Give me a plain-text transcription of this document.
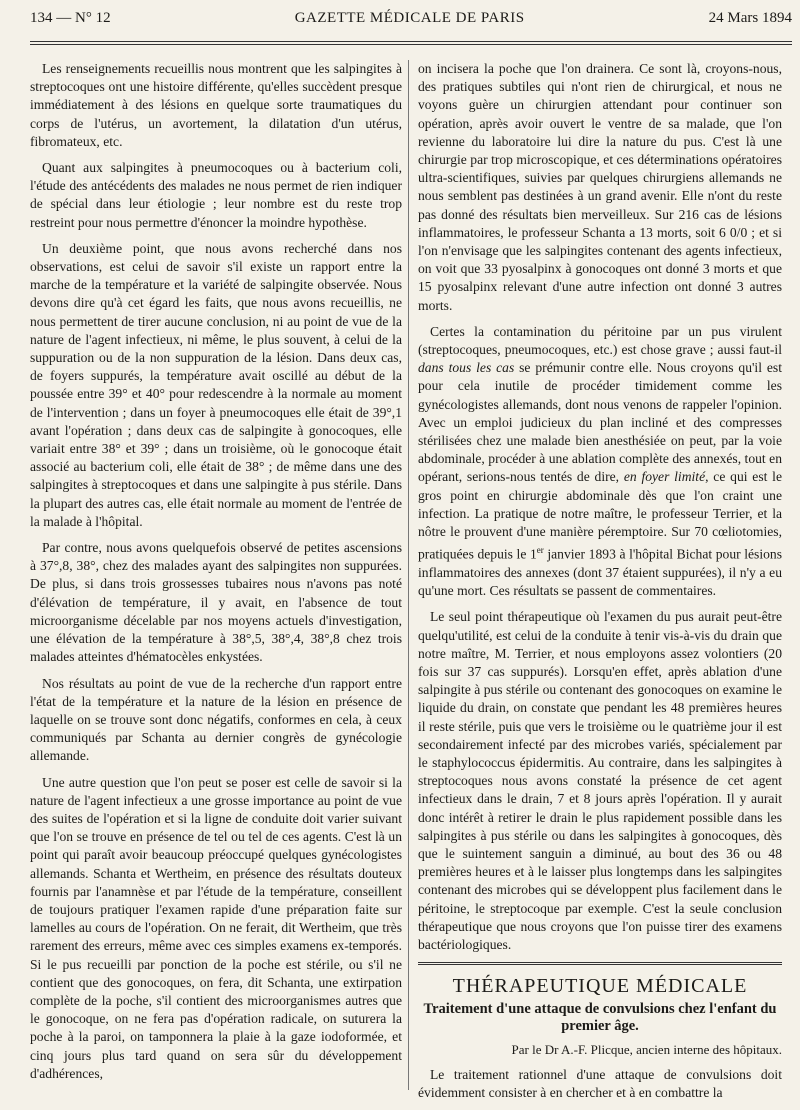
134 — N° 12	GAZETTE MÉDICALE DE PARIS	24 Mars 1894

Les renseignements recueillis nous montrent que les salpingites à streptocoques ont une histoire différente, qu'elles succèdent presque immédiatement à des lésions en quelque sorte traumatiques du corps de l'utérus, un avortement, la dilatation d'un utérus, fibromateux, etc.

Quant aux salpingites à pneumocoques ou à bacterium coli, l'étude des antécédents des malades ne nous permet de rien indiquer de spécial dans leur étiologie ; leur nombre est du reste trop restreint pour nous permettre d'énoncer la moindre hypothèse.

Un deuxième point, que nous avons recherché dans nos observations, est celui de savoir s'il existe un rapport entre la marche de la température et la variété de salpingite observée. Nous devons dire qu'à cet égard les faits, que nous avons recueillis, ne nous permettent de tirer aucune conclusion, ni au point de vue de la nature de l'agent infectieux, ni même, le plus souvent, à celui de la suppuration ou de la non suppuration de la lésion. Dans deux cas, de foyers suppurés, la température avait oscillé au début de la poussée entre 39° et 40° pour redescendre à la normale au moment de l'intervention ; dans un foyer à pneumocoques elle était de 39°,1 avant l'opération ; dans deux cas de salpingite à gonocoques, elle variait entre 38° et 39° ; dans un troisième, où le gonocoque était associé au bacterium coli, elle était de 38° ; de même dans une des salpingites à streptocoques et dans une salpingite à pus stérile. Dans la plupart des autres cas, elle était normale au moment de l'entrée de la malade à l'hôpital.

Par contre, nous avons quelquefois observé de petites ascensions à 37°,8, 38°, chez des malades ayant des salpingites non suppurées. De plus, si dans trois grossesses tubaires nous n'avons pas noté d'élévation de température, il y avait, en l'absence de tout microorganisme décelable par nos moyens actuels d'investigation, une élévation de la température à 38°,5, 38°,4, 38°,8 chez trois malades atteintes d'hématocèles enkystées.

Nos résultats au point de vue de la recherche d'un rapport entre l'état de la température et la nature de la lésion en présence de laquelle on se trouve sont donc négatifs, conformes en cela, à ceux communiqués par Schanta au dernier congrès de gynécologie allemande.

Une autre question que l'on peut se poser est celle de savoir si la nature de l'agent infectieux a une grosse importance au point de vue des suites de l'opération et si la ligne de conduite doit varier suivant que l'on se trouve en présence de tel ou tel de ces agents. C'est là un point qui paraît avoir beaucoup préoccupé quelques gynécologistes allemands. Schanta et Wertheim, en présence des résultats douteux fournis par l'anamnèse et par l'étude de la température, conseillent de toujours pratiquer l'examen rapide d'une préparation faite sur lamelles au cours de l'opération. On ne ferait, dit Wertheim, que très rarement des erreurs, même avec ces simples examens ex-temporés. Si le pus recueilli par ponction de la poche est stérile, ou s'il ne contient que des gonocoques, on fera, dit Schanta, une extirpation complète de la poche, s'il contient des microorganismes autres que le gonocoque, on ne fera pas d'opération radicale, on suturera la poche à la paroi, on tamponnera la plaie à la gaze iodoformée, et cinq jours plus tard quand on sera sûr du développement d'adhérences,

on incisera la poche que l'on drainera. Ce sont là, croyons-nous, des pratiques subtiles qui n'ont rien de chirurgical, et nous ne voyons guère un chirurgien attendant pour continuer son opération, après avoir ouvert le ventre de sa malade, que l'on revienne du laboratoire lui dire la nature du pus. C'est là une chirurgie par trop microscopique, et ces déterminations opératoires ultra-scientifiques, suivies par quelques chirurgiens allemands ne nous semblent pas destinées à un grand avenir. Elle n'ont du reste pas donné des résultats bien merveilleux. Sur 216 cas de lésions inflammatoires, le professeur Schanta a 13 morts, soit 6 0/0 ; et si l'on n'envisage que les salpingites contenant des agents infectieux, on voit que 33 pyosalpinx à gonocoques ont donné 3 morts et que 15 pyosalpinx relevant d'une autre infection ont donné 3 autres morts.

Certes la contamination du péritoine par un pus virulent (streptocoques, pneumocoques, etc.) est chose grave ; aussi faut-il dans tous les cas se prémunir contre elle. Nous croyons qu'il est pour cela inutile de procéder timidement comme les gynécologistes allemands, dont nous venons de rappeler l'opinion. Avec un emploi judicieux du plan incliné et des compresses stérilisées chez une malade bien anesthésiée on peut, par la voie abdominale, procéder à une ablation complète des annexés, tout en opérant, serions-nous tentés de dire, en foyer limité, ce qui est le gros point en chirurgie abdominale dès que l'on craint une infection. La pratique de notre maître, le professeur Terrier, et la nôtre le prouvent d'une manière péremptoire. Sur 70 cœliotomies, pratiquées depuis le 1er janvier 1893 à l'hôpital Bichat pour lésions inflammatoires des annexes (dont 37 étaient suppurées), il n'y a eu qu'une mort. Ces résultats se passent de commentaires.

Le seul point thérapeutique où l'examen du pus aurait peut-être quelqu'utilité, est celui de la conduite à tenir vis-à-vis du drain que notre maître, M. Terrier, et nous employons assez volontiers (20 fois sur 37 cas suppurés). Lorsqu'en effet, après ablation d'une salpingite à pus stérile ou contenant des gonocoques on examine le liquide du drain, on constate que pendant les 48 premières heures il reste stérile, puis que vers le troisième ou le quatrième jour il est secondairement infecté par des microbes variés, spécialement par le staphylococcus épidermitis. Au contraire, dans les salpingites à streptocoques nous avons constaté la présence de cet agent infectieux dans le drain, 7 et 8 jours après l'opération. Il y aurait donc intérêt à retirer le drain le plus rapidement possible dans les salpingites à pus stérile ou dans les salpingites à gonocoques, dès que le suintement sanguin a diminué, au bout des 36 ou 48 premières heures et à le laisser plus longtemps dans les salpingites contenant des microbes qui se développent plus facilement dans le péritoine, le streptocoque par exemple. C'est la seule conclusion thérapeutique que nous croyons que l'on puisse tirer des examens bactériologiques.

THÉRAPEUTIQUE MÉDICALE
Traitement d'une attaque de convulsions chez l'enfant du premier âge.
Par le Dr A.-F. Plicque, ancien interne des hôpitaux.

Le traitement rationnel d'une attaque de convulsions doit évidemment consister à en chercher et à en combattre la
